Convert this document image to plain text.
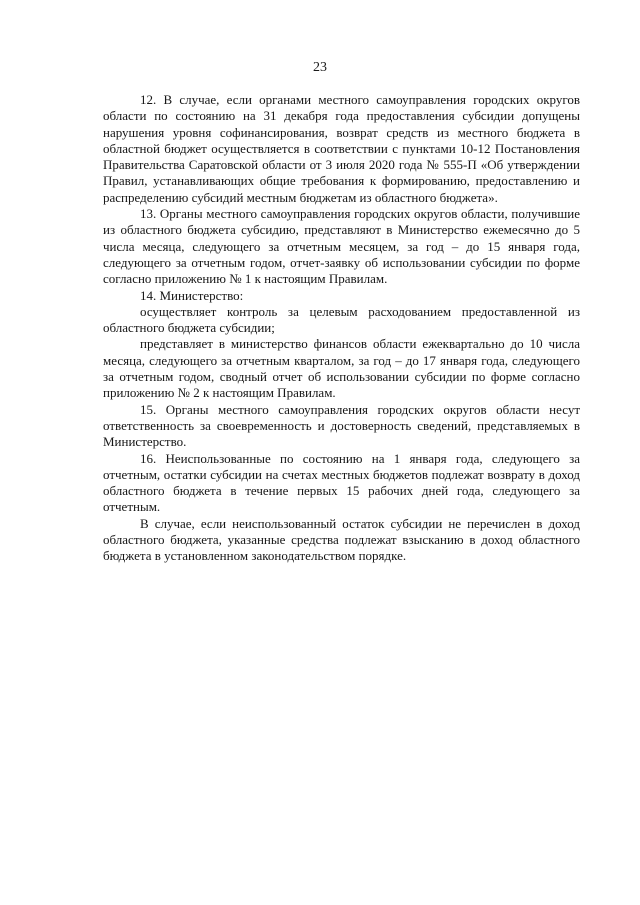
23

12. В случае, если органами местного самоуправления городских округов области по состоянию на 31 декабря года предоставления субсидии допущены нарушения уровня софинансирования, возврат средств из местного бюджета в областной бюджет осуществляется в соответствии с пунктами 10-12 Постановления Правительства Саратовской области от 3 июля 2020 года № 555-П «Об утверждении Правил, устанавливающих общие требования к формированию, предоставлению и распределению субсидий местным бюджетам из областного бюджета».

13. Органы местного самоуправления городских округов области, получившие из областного бюджета субсидию, представляют в Министерство ежемесячно до 5 числа месяца, следующего за отчетным месяцем, за год – до 15 января года, следующего за отчетным годом, отчет-заявку об использовании субсидии по форме согласно приложению № 1 к настоящим Правилам.

14. Министерство:

осуществляет контроль за целевым расходованием предоставленной из областного бюджета субсидии;

представляет в министерство финансов области ежеквартально до 10 числа месяца, следующего за отчетным кварталом, за год – до 17 января года, следующего за отчетным годом, сводный отчет об использовании субсидии по форме согласно приложению № 2 к настоящим Правилам.

15. Органы местного самоуправления городских округов области несут ответственность за своевременность и достоверность сведений, представляемых в Министерство.

16. Неиспользованные по состоянию на 1 января года, следующего за отчетным, остатки субсидии на счетах местных бюджетов подлежат возврату в доход областного бюджета в течение первых 15 рабочих дней года, следующего за отчетным.

В случае, если неиспользованный остаток субсидии не перечислен в доход областного бюджета, указанные средства подлежат взысканию в доход областного бюджета в установленном законодательством порядке.
